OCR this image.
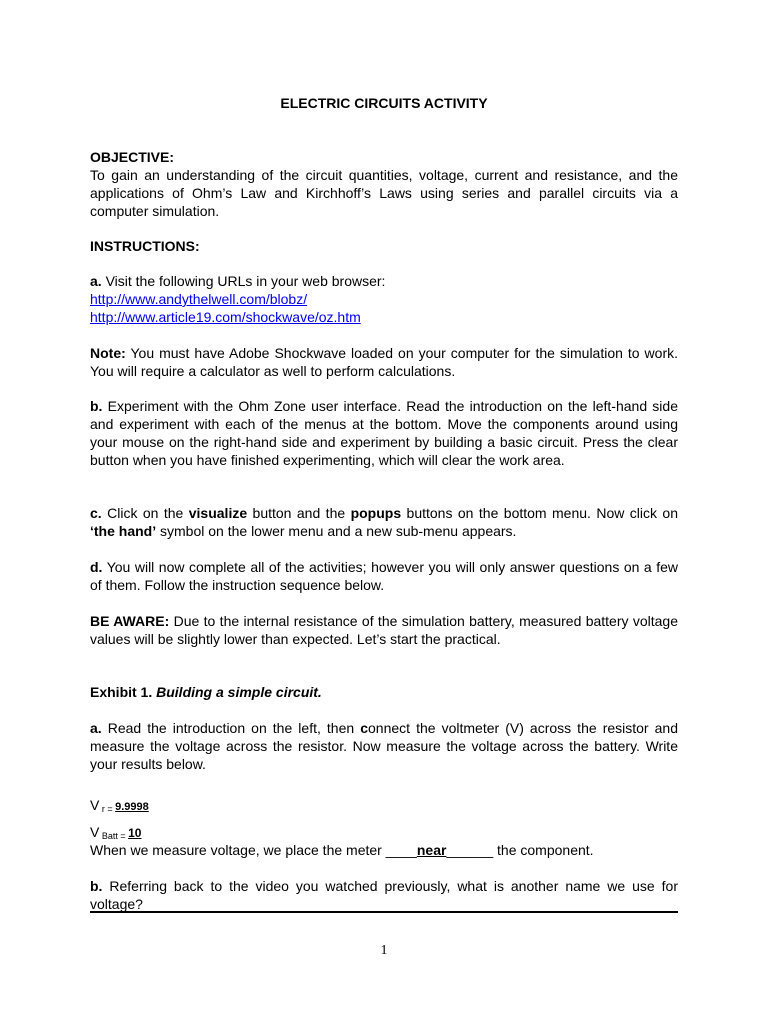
ELECTRIC CIRCUITS ACTIVITY

OBJECTIVE:

To gain an understanding of the circuit quantities, voltage, current and resistance, and the applications of Ohm’s Law and Kirchhoff’s Laws using series and parallel circuits via a computer simulation.

INSTRUCTIONS:

a. Visit the following URLs in your web browser:
http://www.andythelwell.com/blobz/
http://www.article19.com/shockwave/oz.htm

Note: You must have Adobe Shockwave loaded on your computer for the simulation to work. You will require a calculator as well to perform calculations.

b. Experiment with the Ohm Zone user interface. Read the introduction on the left-hand side and experiment with each of the menus at the bottom. Move the components around using your mouse on the right-hand side and experiment by building a basic circuit. Press the clear button when you have finished experimenting, which will clear the work area.

c. Click on the visualize button and the popups buttons on the bottom menu. Now click on ‘the hand’ symbol on the lower menu and a new sub-menu appears.

d. You will now complete all of the activities; however you will only answer questions on a few of them. Follow the instruction sequence below.

BE AWARE: Due to the internal resistance of the simulation battery, measured battery voltage values will be slightly lower than expected. Let’s start the practical.

Exhibit 1. Building a simple circuit.

a. Read the introduction on the left, then connect the voltmeter (V) across the resistor and measure the voltage across the resistor. Now measure the voltage across the battery. Write your results below.

V $_{r =}$ 9.9998

V $_{Batt =}$ 10

When we measure voltage, we place the meter ____near______ the component.

b. Referring back to the video you watched previously, what is another name we use for voltage?

1
